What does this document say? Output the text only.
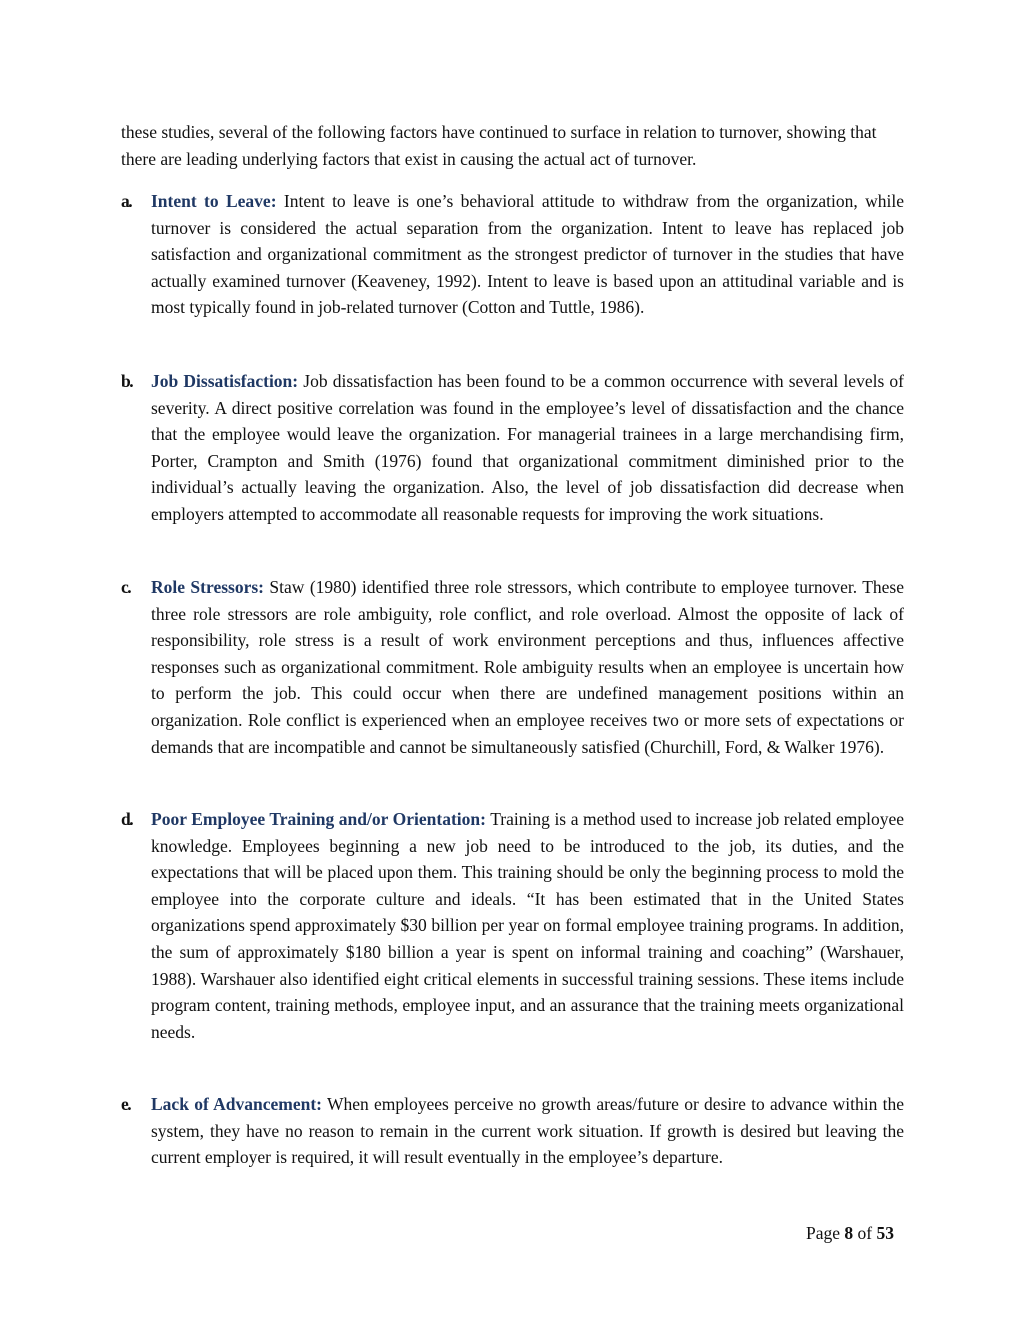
these studies, several of the following factors have continued to surface in relation to turnover, showing that there are leading underlying factors that exist in causing the actual act of turnover.

a. Intent to Leave: Intent to leave is one’s behavioral attitude to withdraw from the organization, while turnover is considered the actual separation from the organization. Intent to leave has replaced job satisfaction and organizational commitment as the strongest predictor of turnover in the studies that have actually examined turnover (Keaveney, 1992). Intent to leave is based upon an attitudinal variable and is most typically found in job-related turnover (Cotton and Tuttle, 1986).
b. Job Dissatisfaction: Job dissatisfaction has been found to be a common occurrence with several levels of severity. A direct positive correlation was found in the employee’s level of dissatisfaction and the chance that the employee would leave the organization. For managerial trainees in a large merchandising firm, Porter, Crampton and Smith (1976) found that organizational commitment diminished prior to the individual’s actually leaving the organization. Also, the level of job dissatisfaction did decrease when employers attempted to accommodate all reasonable requests for improving the work situations.
c. Role Stressors: Staw (1980) identified three role stressors, which contribute to employee turnover. These three role stressors are role ambiguity, role conflict, and role overload. Almost the opposite of lack of responsibility, role stress is a result of work environment perceptions and thus, influences affective responses such as organizational commitment. Role ambiguity results when an employee is uncertain how to perform the job. This could occur when there are undefined management positions within an organization. Role conflict is experienced when an employee receives two or more sets of expectations or demands that are incompatible and cannot be simultaneously satisfied (Churchill, Ford, & Walker 1976).
d. Poor Employee Training and/or Orientation: Training is a method used to increase job related employee knowledge. Employees beginning a new job need to be introduced to the job, its duties, and the expectations that will be placed upon them. This training should be only the beginning process to mold the employee into the corporate culture and ideals. “It has been estimated that in the United States organizations spend approximately $30 billion per year on formal employee training programs. In addition, the sum of approximately $180 billion a year is spent on informal training and coaching” (Warshauer, 1988). Warshauer also identified eight critical elements in successful training sessions. These items include program content, training methods, employee input, and an assurance that the training meets organizational needs.
e. Lack of Advancement: When employees perceive no growth areas/future or desire to advance within the system, they have no reason to remain in the current work situation. If growth is desired but leaving the current employer is required, it will result eventually in the employee’s departure.
Page 8 of 53
